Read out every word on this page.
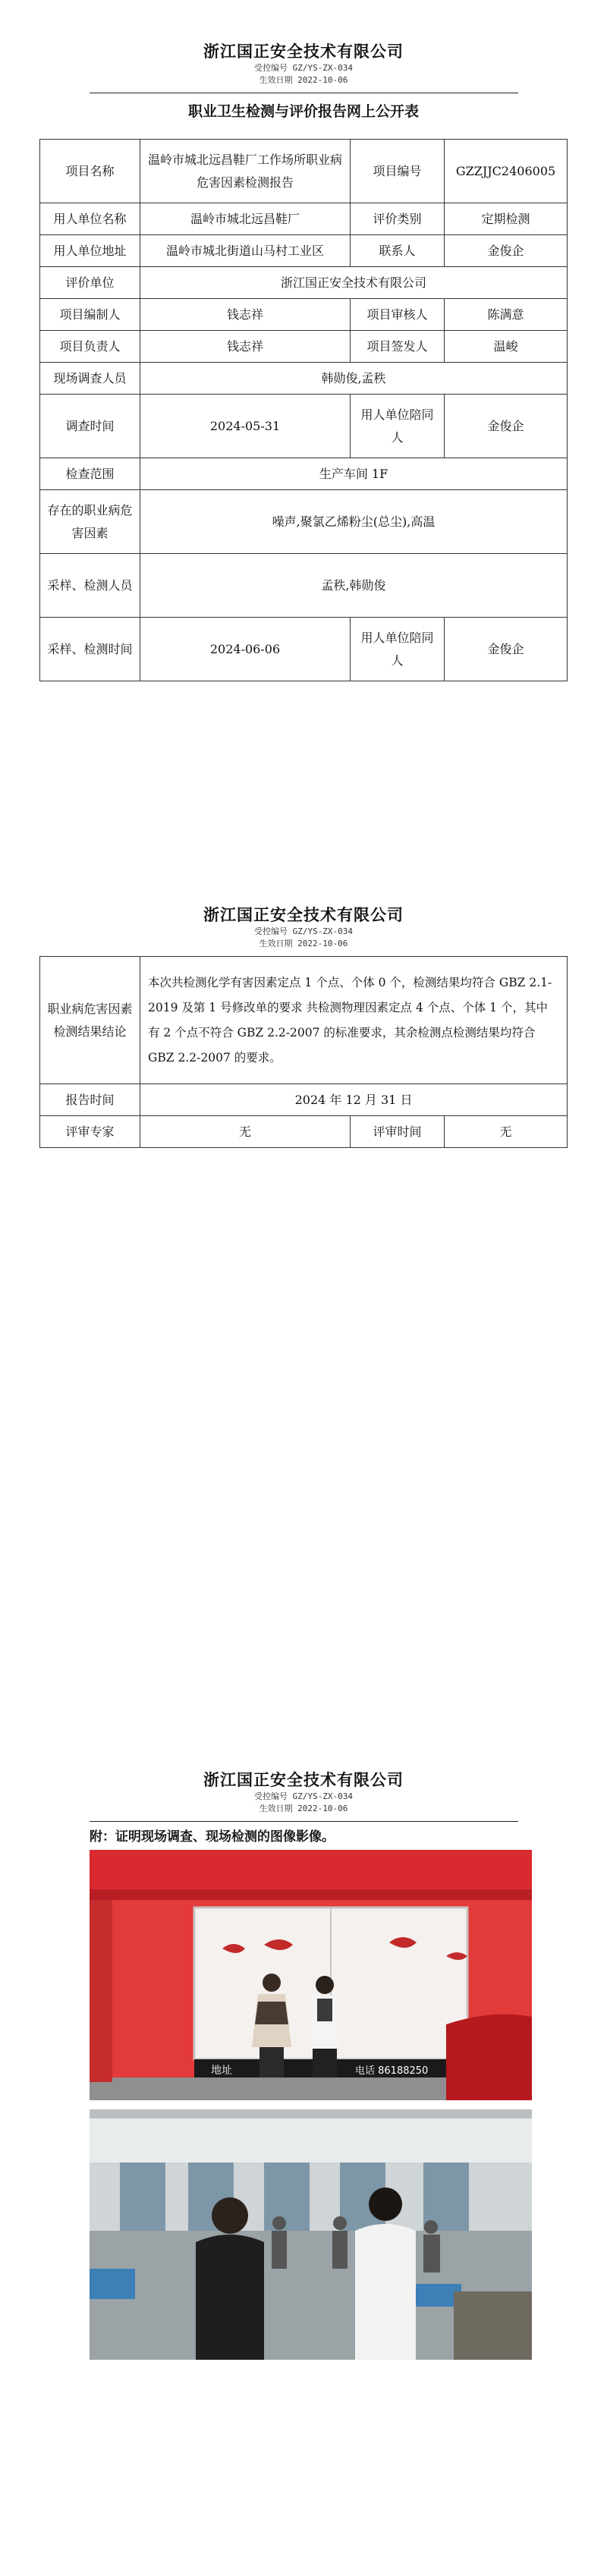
浙江国正安全技术有限公司
受控编号 GZ/YS-ZX-034
生效日期 2022-10-06
职业卫生检测与评价报告网上公开表
项目名称	温岭市城北远昌鞋厂工作场所职业病危害因素检测报告	项目编号	GZZJJC2406005
用人单位名称	温岭市城北远昌鞋厂	评价类别	定期检测
用人单位地址	温岭市城北街道山马村工业区	联系人	金俊企
评价单位	浙江国正安全技术有限公司		
项目编制人	钱志祥	项目审核人	陈满意
项目负责人	钱志祥	项目签发人	温峻
现场调查人员	韩勋俊,孟秩		
调查时间	2024-05-31	用人单位陪同人	金俊企
检查范围	生产车间 1F		
存在的职业病危害因素	噪声,聚氯乙烯粉尘(总尘),高温		
采样、检测人员	孟秩,韩勋俊		
采样、检测时间	2024-06-06	用人单位陪同人	金俊企
浙江国正安全技术有限公司
受控编号 GZ/YS-ZX-034
生效日期 2022-10-06
职业病危害因素检测结果结论	本次共检测化学有害因素定点 1 个点、个体 0 个，检测结果均符合 GBZ 2.1-2019 及第 1 号修改单的要求 共检测物理因素定点 4 个点、个体 1 个，其中有 2 个点不符合 GBZ 2.2-2007 的标准要求，其余检测点检测结果均符合 GBZ 2.2-2007 的要求。		
报告时间	2024 年 12 月 31 日		
评审专家	无	评审时间	无
浙江国正安全技术有限公司
受控编号 GZ/YS-ZX-034
生效日期 2022-10-06
附：证明现场调查、现场检测的图像影像。
地址	电话 86188250
